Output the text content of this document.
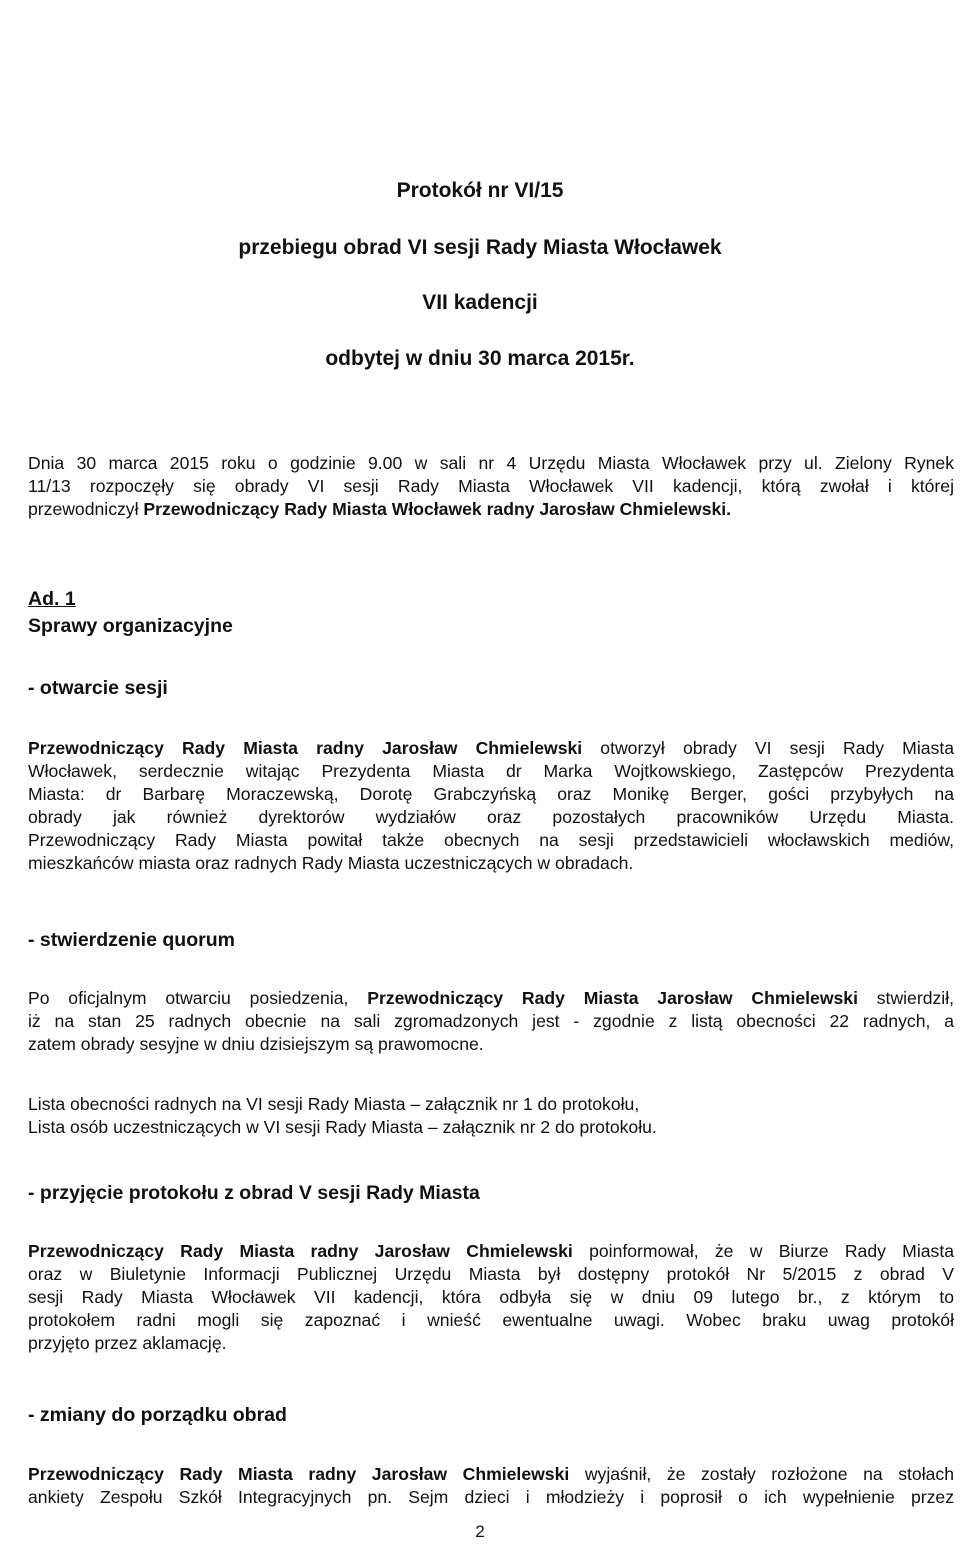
Protokół nr VI/15
przebiegu obrad VI sesji Rady Miasta Włocławek
VII kadencji
odbytej w dniu 30 marca 2015r.
Dnia 30 marca 2015 roku o godzinie 9.00 w sali nr 4 Urzędu Miasta Włocławek przy ul. Zielony Rynek
11/13 rozpoczęły się obrady VI sesji Rady Miasta Włocławek VII kadencji, którą zwołał i której
przewodniczył Przewodniczący Rady Miasta Włocławek radny Jarosław Chmielewski.
Ad. 1
Sprawy organizacyjne
- otwarcie sesji
Przewodniczący Rady Miasta radny Jarosław Chmielewski otworzył obrady VI sesji Rady Miasta
Włocławek, serdecznie witając Prezydenta Miasta dr Marka Wojtkowskiego, Zastępców Prezydenta
Miasta: dr Barbarę Moraczewską, Dorotę Grabczyńską oraz Monikę Berger, gości przybyłych na
obrady jak również dyrektorów wydziałów oraz pozostałych pracowników Urzędu Miasta.
Przewodniczący Rady Miasta powitał także obecnych na sesji przedstawicieli włocławskich mediów,
mieszkańców miasta oraz radnych Rady Miasta uczestniczących w obradach.
- stwierdzenie quorum
Po oficjalnym otwarciu posiedzenia, Przewodniczący Rady Miasta Jarosław Chmielewski stwierdził,
iż na stan 25 radnych obecnie na sali zgromadzonych jest - zgodnie z listą obecności 22 radnych, a
zatem obrady sesyjne w dniu dzisiejszym są prawomocne.
Lista obecności radnych na VI sesji Rady Miasta – załącznik nr 1 do protokołu,
Lista osób uczestniczących w VI sesji Rady Miasta – załącznik nr 2 do protokołu.
- przyjęcie protokołu z obrad V sesji Rady Miasta
Przewodniczący Rady Miasta radny Jarosław Chmielewski poinformował, że w Biurze Rady Miasta
oraz w Biuletynie Informacji Publicznej Urzędu Miasta był dostępny protokół Nr 5/2015 z obrad V
sesji Rady Miasta Włocławek VII kadencji, która odbyła się w dniu 09 lutego br., z którym to
protokołem radni mogli się zapoznać i wnieść ewentualne uwagi. Wobec braku uwag protokół
przyjęto przez aklamację.
- zmiany do porządku obrad
Przewodniczący Rady Miasta radny Jarosław Chmielewski wyjaśnił, że zostały rozłożone na stołach
ankiety Zespołu Szkół Integracyjnych pn. Sejm dzieci i młodzieży i poprosił o ich wypełnienie przez
2
